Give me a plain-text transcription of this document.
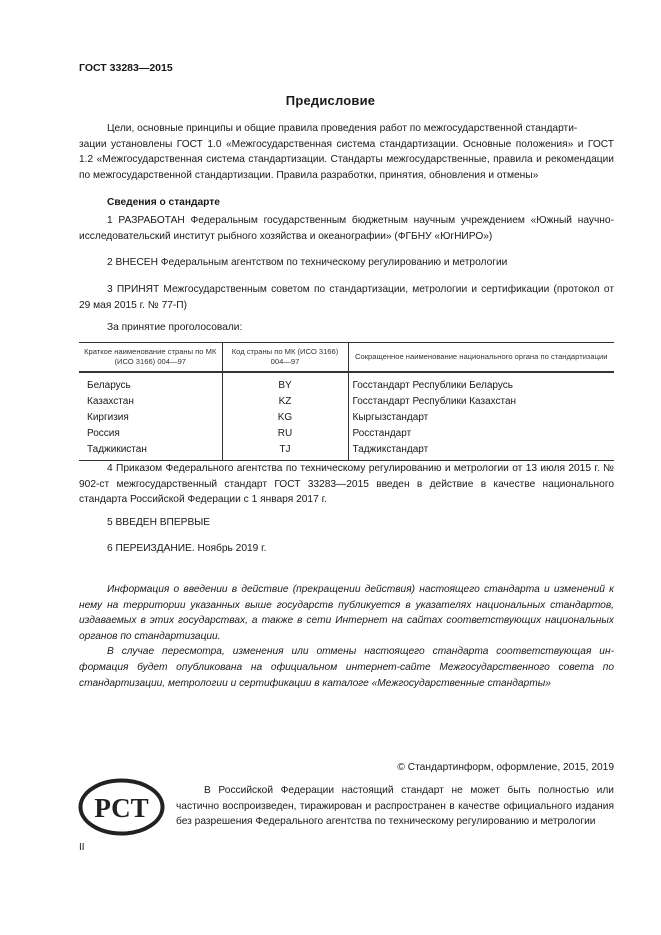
ГОСТ 33283—2015
Предисловие

Цели, основные принципы и общие правила проведения работ по межгосударственной стандарти-

зации установлены ГОСТ 1.0 «Межгосударственная система стандартизации. Основные положения» и ГОСТ 1.2 «Межгосударственная система стандартизации. Стандарты межгосударственные, правила и рекомендации по межгосударственной стандартизации. Правила разработки, принятия, обновления и отмены»

Сведения о стандарте

1 РАЗРАБОТАН Федеральным государственным бюджетным научным учреждением «Южный научно-исследовательский институт рыбного хозяйства и океанографии» (ФГБНУ «ЮгНИРО»)

2 ВНЕСЕН Федеральным агентством по техническому регулированию и метрологии

3 ПРИНЯТ Межгосударственным советом по стандартизации, метрологии и сертификации (протокол от 29 мая 2015 г. № 77-П)

За принятие проголосовали:
Краткое наименование страны по МК (ИСО 3166) 004—97	Код страны по МК (ИСО 3166) 004—97	Сокращенное наименование национального органа по стандартизации
Беларусь	BY	Госстандарт Республики Беларусь
Казахстан	KZ	Госстандарт Республики Казахстан
Киргизия	KG	Кыргызстандарт
Россия	RU	Росстандарт
Таджикистан	TJ	Таджикстандарт

4 Приказом Федерального агентства по техническому регулированию и метрологии от 13 июля 2015 г. № 902-ст межгосударственный стандарт ГОСТ 33283—2015 введен в действие в качестве национального стандарта Российской Федерации с 1 января 2017 г.

5 ВВЕДЕН ВПЕРВЫЕ

6 ПЕРЕИЗДАНИЕ. Ноябрь 2019 г.

Информация о введении в действие (прекращении действия) настоящего стандарта и изменений к нему на территории указанных выше государств публикуется в указателях национальных стандартов, издаваемых в этих государствах, а также в сети Интернет на сайтах соответствующих национальных органов по стандартизации.

В случае пересмотра, изменения или отмены настоящего стандарта соответствующая информация будет опубликована на официальном интернет-сайте Межгосударственного совета по стандартизации, метрологии и сертификации в каталоге «Межгосударственные стандарты»

© Стандартинформ, оформление, 2015, 2019
РСТ
В Российской Федерации настоящий стандарт не может быть полностью или частично воспроизведен, тиражирован и распространен в качестве официального издания без разрешения Федерального агентства по техническому регулированию и метрологии
II
